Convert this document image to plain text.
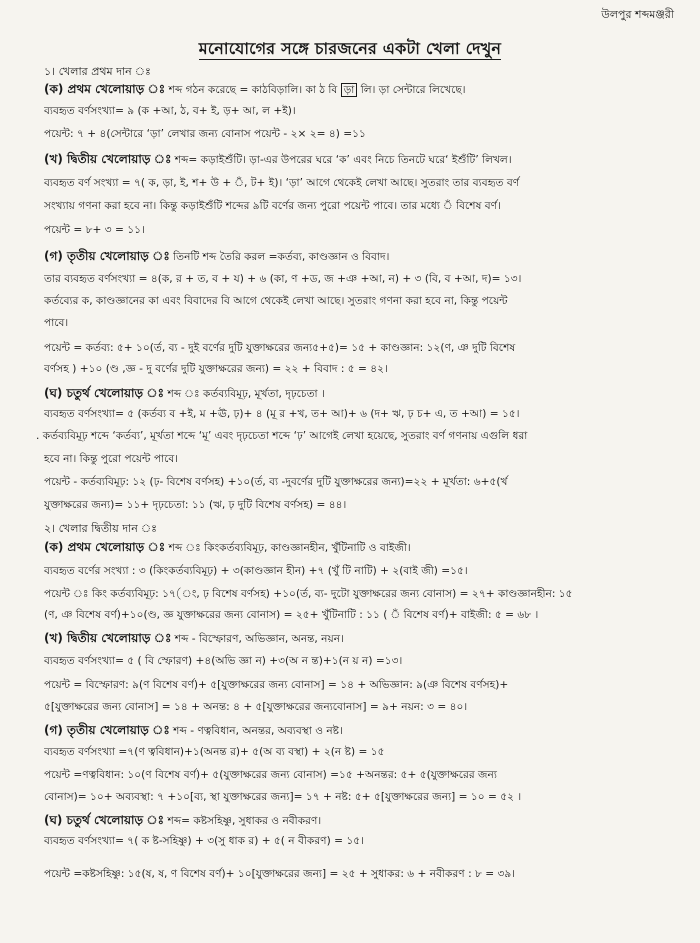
উলপুর শব্দমঞ্জরী
মনোযোগের সঙ্গে চারজনের একটা খেলা দেখুন
১। খেলার প্রথম দান ঃ
(ক) প্রথম খেলোয়াড় ঃ শব্দ গঠন করেছে = কাঠবিড়ালি। কা ঠ বি ড়া লি। ড়া সেন্টারে লিখেছে।
ব্যবহৃত বর্ণসংখ্যা= ৯ (ক +আ, ঠ, ব+ ই, ড়+ আ, ল +ই)।
পয়েন্ট: ৭ + ৪(সেন্টারে ‘ড়া’ লেখার জন্য বোনাস পয়েন্ট - ২× ২= ৪) =১১
(খ) দ্বিতীয় খেলোয়াড় ঃ শব্দ= কড়াইশুঁটি। ড়া-এর উপরের ঘরে ‘ক’ এবং নিচে তিনটে ঘরে‘ ইশুঁটি’ লিখল।
ব্যবহৃত বর্ণ সংখ্যা = ৭( ক, ড়া, ই, শ+ উ + ঁ, ট+ ই)। ‘ড়া’ আগে থেকেই লেখা আছে। সুতরাং তার ব্যবহৃত বর্ণ
সংখ্যায় গণনা করা হবে না। কিন্তু কড়াইশুঁটি শব্দের ৯টি বর্ণের জন্য পুরো পয়েন্ট পাবে। তার মধ্যে ঁ বিশেষ বর্ণ।
পয়েন্ট = ৮+ ৩ = ১১।
(গ) তৃতীয় খেলোয়াড় ঃ তিনটি শব্দ তৈরি করল =কর্তব্য, কাণ্ডজ্ঞান ও বিবাদ।
তার ব্যবহৃত বর্ণসংখ্যা = ৪(ক, র + ত, ব + য) + ৬ (কা, ণ +ড, জ +ঞ +আ, ন) + ৩ (বি, ব +আ, দ)= ১৩।
কর্তব্যের ক, কাণ্ডজ্ঞানের কা এবং বিবাদের বি আগে থেকেই লেখা আছে। সুতরাং গণনা করা হবে না, কিন্তু পয়েন্ট
পাবে।
পয়েন্ট = কর্তব্য: ৫+ ১০(র্ত, ব্য - দুই বর্ণের দুটি যুক্তাক্ষরের জন্য৫+৫)= ১৫ + কাণ্ডজ্ঞান: ১২(ণ, ঞ দুটি বিশেষ
বর্ণসহ ) +১০ (ণ্ড ,জ্ঞ - দু বর্ণের দুটি যুক্তাক্ষরের জন্য) = ২২ + বিবাদ : ৫ = ৪২।
(ঘ) চতুর্থ খেলোয়াড় ঃ শব্দ ঃ কর্তব্যবিমূঢ়, মূর্খতা, দৃঢ়চেতা ।
ব্যবহৃত বর্ণসংখ্যা= ৫ (কর্তব্য ব +ই, ম +ঊ, ঢ়)+ ৪ (মূ র +খ, ত+ আ)+ ৬ (দ+ ঋ, ঢ় চ+ এ, ত +আ) = ১৫।
. কর্তব্যবিমূঢ় শব্দে ‘কর্তব্য’, মূর্খতা শব্দে ‘মূ’ এবং দৃঢ়চেতা শব্দে ‘ঢ়’ আগেই লেখা হয়েছে, সুতরাং বর্ণ গণনায় এগুলি ধরা
হবে না। কিন্তু পুরো পয়েন্ট পাবে।
পয়েন্ট - কর্তব্যবিমূঢ়: ১২ (ঢ়- বিশেষ বর্ণসহ) +১০(র্ত, ব্য -দুবর্ণের দুটি যুক্তাক্ষরের জন্য)=২২ + মূর্খতা: ৬+৫(র্খ
যুক্তাক্ষরের জন্য)= ১১+ দৃঢ়চেতা: ১১ (ঋ, ঢ় দুটি বিশেষ বর্ণসহ) = ৪৪।
২। খেলার দ্বিতীয় দান ঃ
(ক) প্রথম খেলোয়াড় ঃ শব্দ ঃ কিংকর্তব্যবিমূঢ়, কাণ্ডজ্ঞানহীন, খুঁটিনাটি ও বাইজী।
ব্যবহৃত বর্ণের সংখ্যা : ৩ (কিংকর্তব্যবিমূঢ়) + ৩(কাণ্ডজ্ঞান হীন) +৭ (খুঁ টি নাটি) + ২(বাই জী) =১৫।
পয়েন্ট ঃ কিং কর্তব্যবিমূঢ়: ১৭(ং, ঢ় বিশেষ বর্ণসহ) +১০(র্ত, ব্য- দুটো যুক্তাক্ষরের জন্য বোনাস) = ২৭+ কাণ্ডজ্ঞানহীন: ১৫
(ণ, ঞ বিশেষ বর্ণ)+১০(ণ্ড, জ্ঞ যুক্তাক্ষরের জন্য বোনাস) = ২৫+ খুঁটিনাটি : ১১ ( ঁ বিশেষ বর্ণ)+ বাইজী: ৫ = ৬৮ ।
(খ) দ্বিতীয় খেলোয়াড় ঃ শব্দ - বিস্ফোরণ, অভিজ্ঞান, অনন্ত, নয়ন।
ব্যবহৃত বর্ণসংখ্যা= ৫ ( বি স্ফোরণ) +৪(অভি জ্ঞা ন) +৩(অ ন ন্ত)+১(ন য় ন) =১৩।
পয়েন্ট = বিস্ফোরণ: ৯(ণ বিশেষ বর্ণ)+ ৫[যুক্তাক্ষরের জন্য বোনাস] = ১৪ + অভিজ্ঞান: ৯(ঞ বিশেষ বর্ণসহ)+
৫[যুক্তাক্ষরের জন্য বোনাস] = ১৪ + অনন্ত: ৪ + ৫[যুক্তাক্ষরের জন্যবোনাস] = ৯+ নয়ন: ৩ = ৪০।
(গ) তৃতীয় খেলোয়াড় ঃ শব্দ - ণত্ববিধান, অনন্তর, অব্যবস্থা ও নষ্ট।
ব্যবহৃত বর্ণসংখ্যা =৭(ণ ত্ববিধান)+১(অনন্ত র)+ ৫(অ ব্য বস্থা) + ২(ন ষ্ট) = ১৫
পয়েন্ট =ণত্ববিধান: ১০(ণ বিশেষ বর্ণ)+ ৫(যুক্তাক্ষরের জন্য বোনাস) =১৫ +অনন্তর: ৫+ ৫(যুক্তাক্ষরের জন্য
বোনাস)= ১০+ অব্যবস্থা: ৭ +১০[ব্য, স্থা যুক্তাক্ষরের জন্য]= ১৭ + নষ্ট: ৫+ ৫[যুক্তাক্ষরের জন্য] = ১০ = ৫২ ।
(ঘ) চতুর্থ খেলোয়াড় ঃ শব্দ= কষ্টসহিষ্ণু, সুধাকর ও নবীকরণ।
ব্যবহৃত বর্ণসংখ্যা= ৭( ক ষ্ট-সহিষ্ণু) + ৩(সু ধাক র) + ৫( ন বীকরণ) = ১৫।
পয়েন্ট =কষ্টসহিষ্ণু: ১৫(ষ, ষ, ণ বিশেষ বর্ণ)+ ১০[যুক্তাক্ষরের জন্য] = ২৫ + সুধাকর: ৬ + নবীকরণ : ৮ = ৩৯।
